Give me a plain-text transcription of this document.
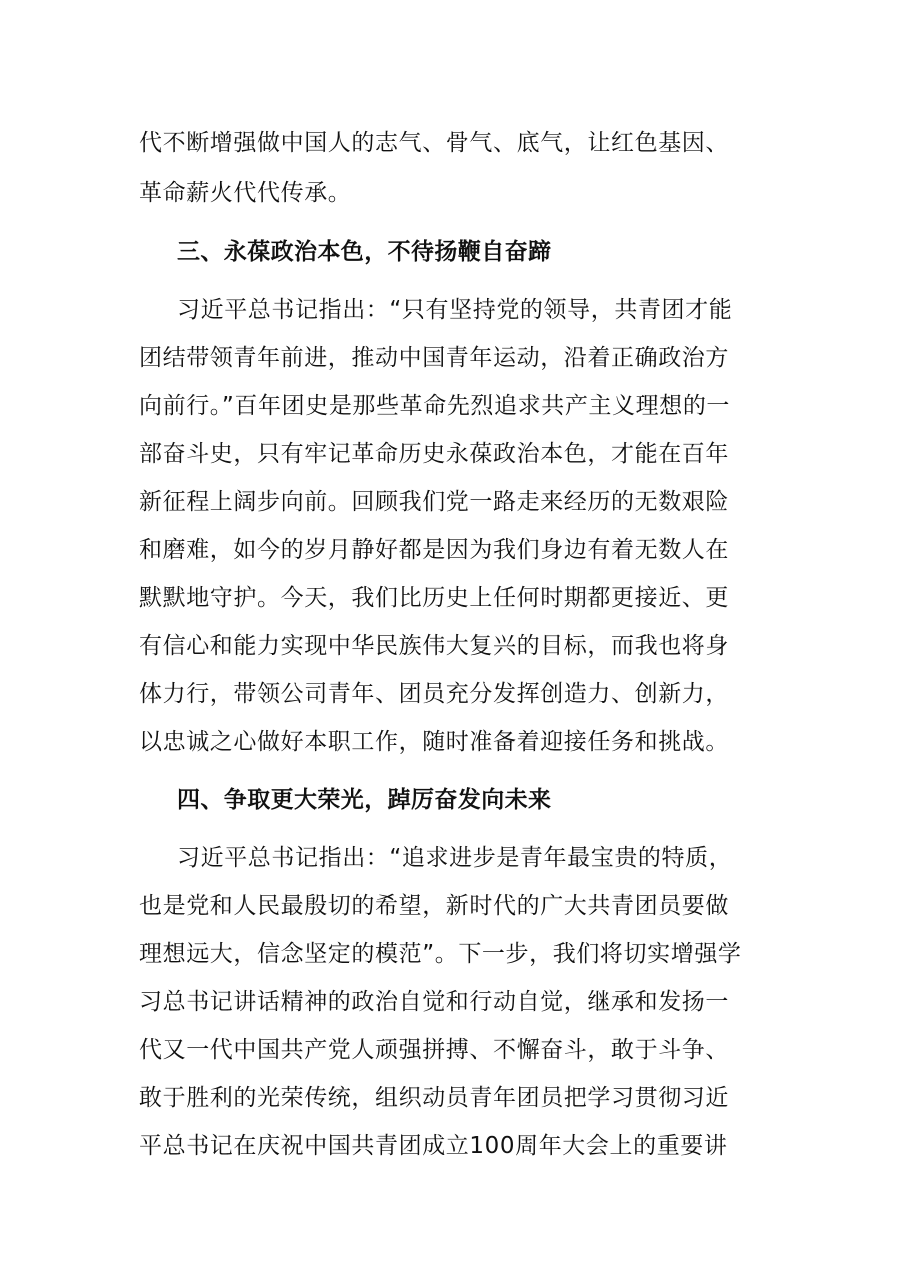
代不断增强做中国人的志气、骨气、底气，让红色基因、
革命薪火代代传承。
三、永葆政治本色，不待扬鞭自奋蹄
习近平总书记指出：“只有坚持党的领导，共青团才能
团结带领青年前进，推动中国青年运动，沿着正确政治方
向前行。”百年团史是那些革命先烈追求共产主义理想的一
部奋斗史，只有牢记革命历史永葆政治本色，才能在百年
新征程上阔步向前。回顾我们党一路走来经历的无数艰险
和磨难，如今的岁月静好都是因为我们身边有着无数人在
默默地守护。今天，我们比历史上任何时期都更接近、更
有信心和能力实现中华民族伟大复兴的目标，而我也将身
体力行，带领公司青年、团员充分发挥创造力、创新力，
以忠诚之心做好本职工作，随时准备着迎接任务和挑战。
四、争取更大荣光，踔厉奋发向未来
习近平总书记指出：“追求进步是青年最宝贵的特质，
也是党和人民最殷切的希望，新时代的广大共青团员要做
理想远大，信念坚定的模范”。下一步，我们将切实增强学
习总书记讲话精神的政治自觉和行动自觉，继承和发扬一
代又一代中国共产党人顽强拼搏、不懈奋斗，敢于斗争、
敢于胜利的光荣传统，组织动员青年团员把学习贯彻习近
平总书记在庆祝中国共青团成立100周年大会上的重要讲
